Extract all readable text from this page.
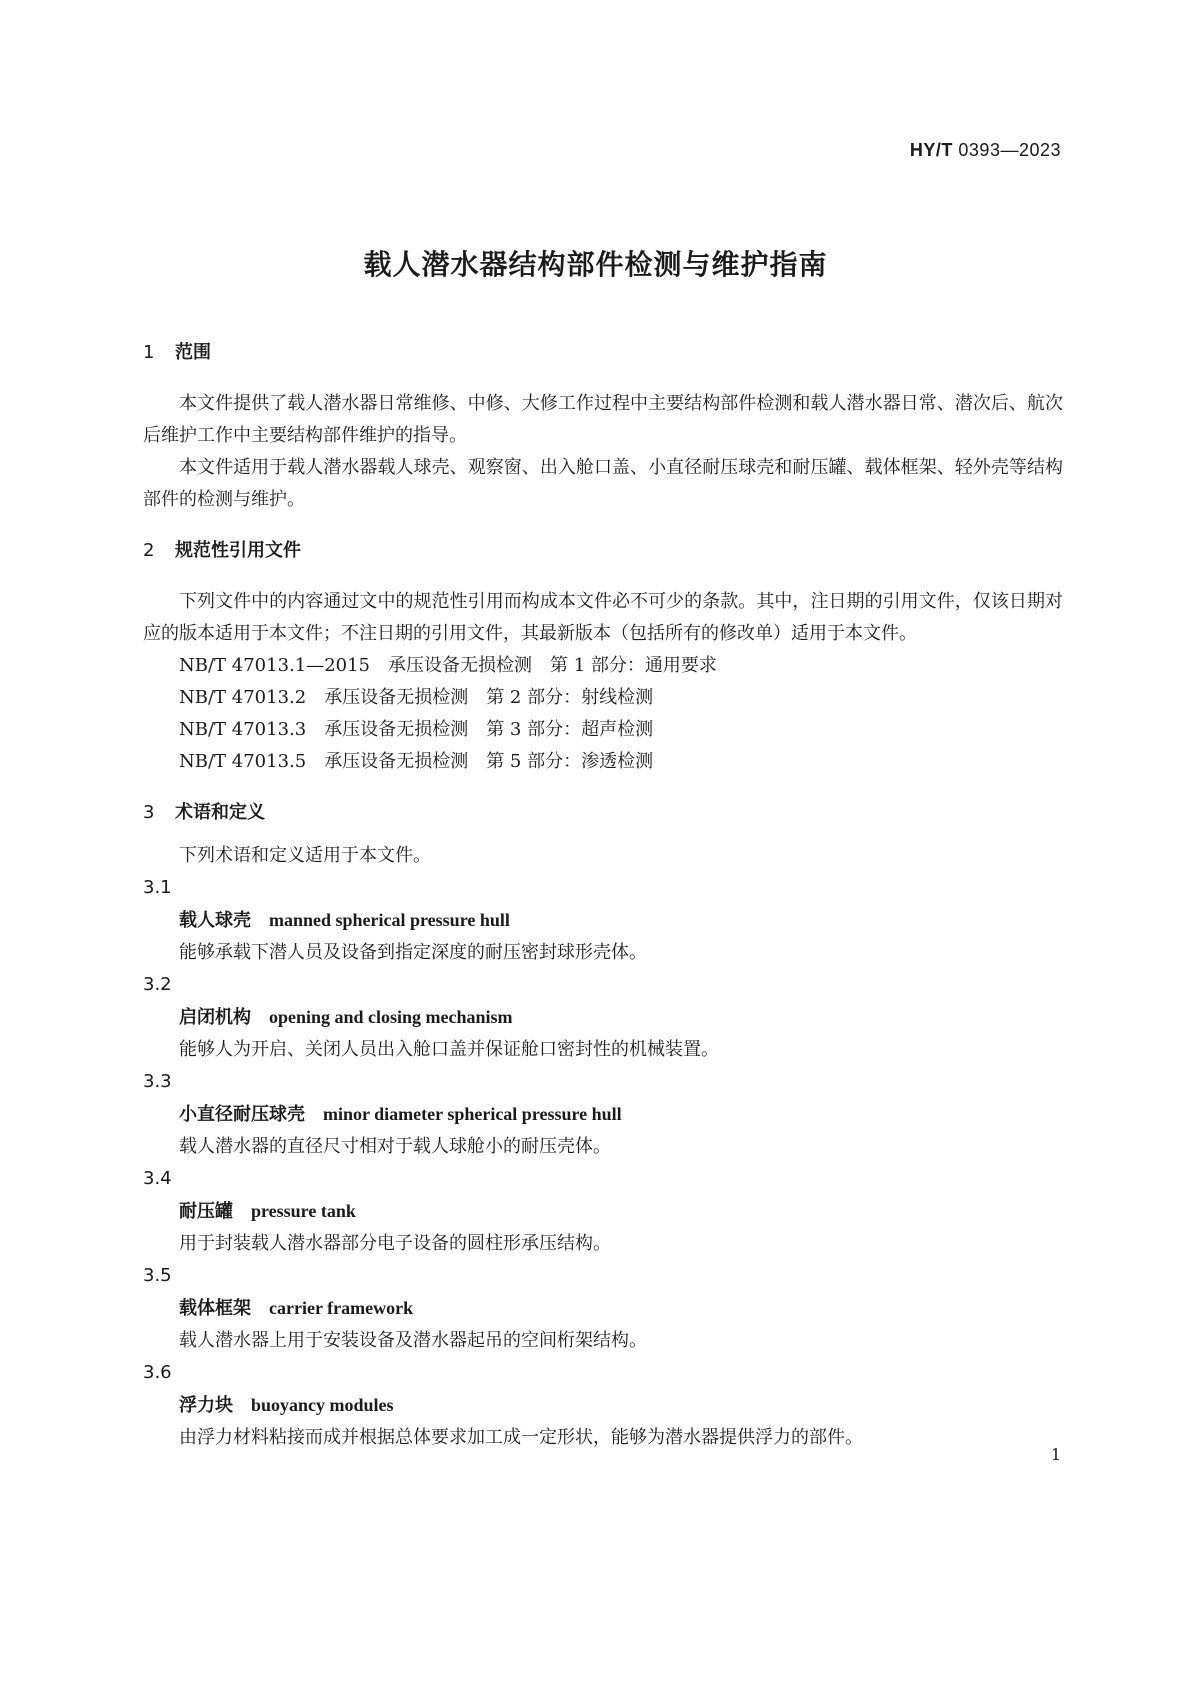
HY/T 0393—2023

载人潜水器结构部件检测与维护指南
1 范围

本文件提供了载人潜水器日常维修、中修、大修工作过程中主要结构部件检测和载人潜水器日常、潜次后、航次后维护工作中主要结构部件维护的指导。

本文件适用于载人潜水器载人球壳、观察窗、出入舱口盖、小直径耐压球壳和耐压罐、载体框架、轻外壳等结构部件的检测与维护。

2 规范性引用文件

下列文件中的内容通过文中的规范性引用而构成本文件必不可少的条款。其中，注日期的引用文件，仅该日期对应的版本适用于本文件；不注日期的引用文件，其最新版本（包括所有的修改单）适用于本文件。

NB/T 47013.1—2015　承压设备无损检测　第 1 部分：通用要求

NB/T 47013.2　承压设备无损检测　第 2 部分：射线检测

NB/T 47013.3　承压设备无损检测　第 3 部分：超声检测

NB/T 47013.5　承压设备无损检测　第 5 部分：渗透检测

3 术语和定义

下列术语和定义适用于本文件。

3.1

载人球壳 manned spherical pressure hull

能够承载下潜人员及设备到指定深度的耐压密封球形壳体。

3.2

启闭机构 opening and closing mechanism

能够人为开启、关闭人员出入舱口盖并保证舱口密封性的机械装置。

3.3

小直径耐压球壳 minor diameter spherical pressure hull

载人潜水器的直径尺寸相对于载人球舱小的耐压壳体。

3.4

耐压罐 pressure tank

用于封装载人潜水器部分电子设备的圆柱形承压结构。

3.5

载体框架 carrier framework

载人潜水器上用于安装设备及潜水器起吊的空间桁架结构。

3.6

浮力块 buoyancy modules

由浮力材料粘接而成并根据总体要求加工成一定形状，能够为潜水器提供浮力的部件。

1
